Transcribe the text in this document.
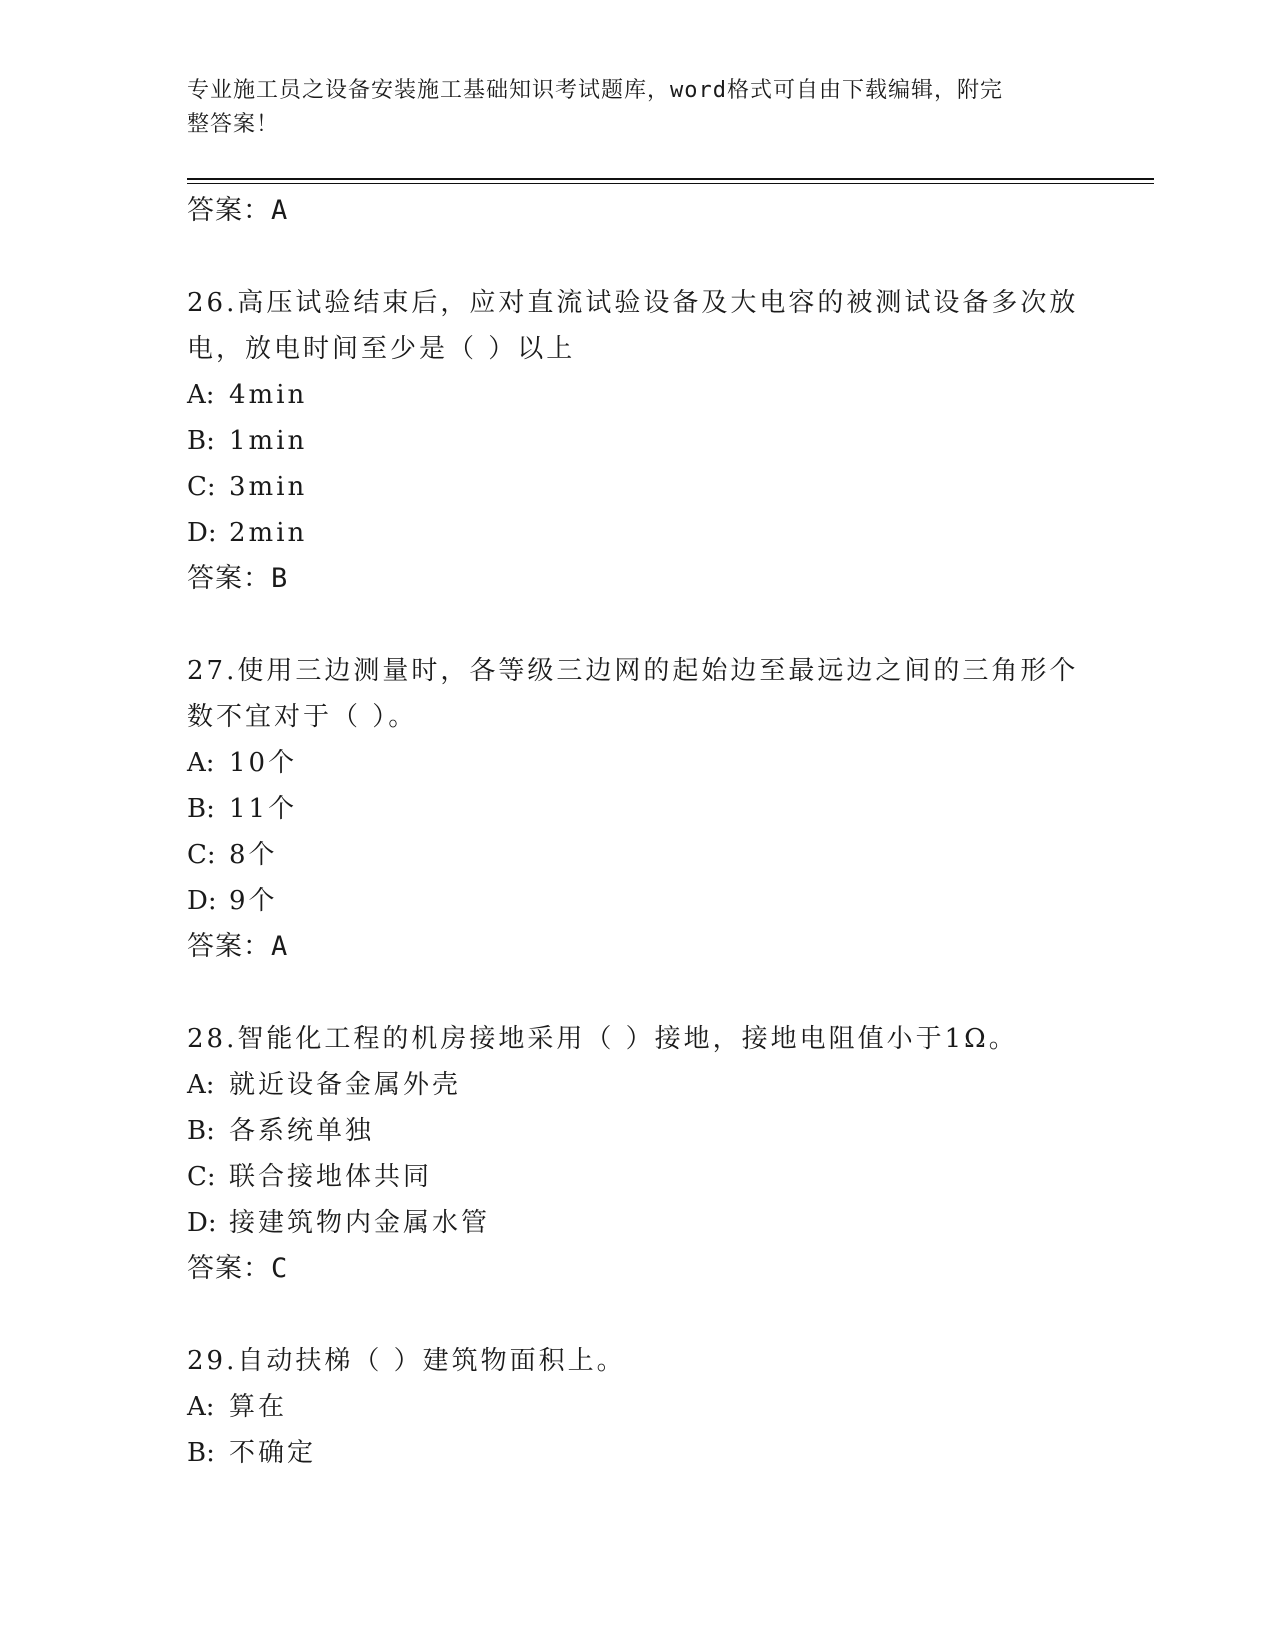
专业施工员之设备安装施工基础知识考试题库，word格式可自由下载编辑，附完
整答案！
答案：A
26.高压试验结束后，应对直流试验设备及大电容的被测试设备多次放
电，放电时间至少是（ ）以上
A: 4min
B: 1min
C: 3min
D: 2min
答案：B
27.使用三边测量时，各等级三边网的起始边至最远边之间的三角形个
数不宜对于（ ）。
A: 10个
B: 11个
C: 8个
D: 9个
答案：A
28.智能化工程的机房接地采用（ ）接地，接地电阻值小于1Ω。
A: 就近设备金属外壳
B: 各系统单独
C: 联合接地体共同
D: 接建筑物内金属水管
答案：C
29.自动扶梯（ ）建筑物面积上。
A: 算在
B: 不确定
